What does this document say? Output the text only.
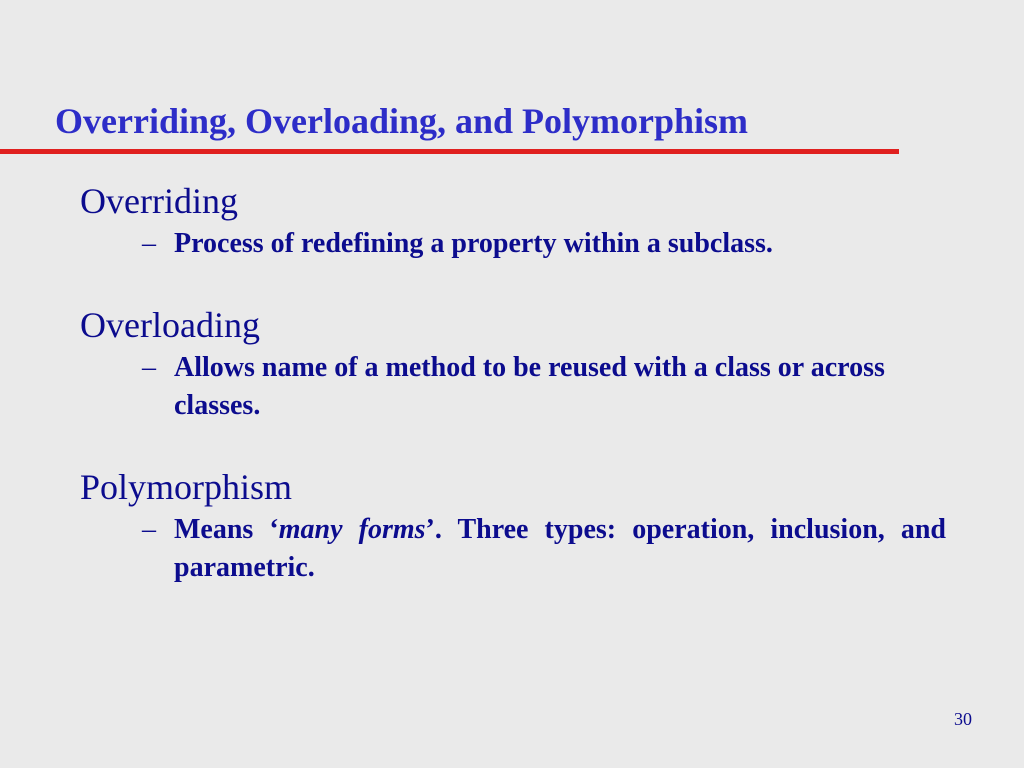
Overriding, Overloading, and Polymorphism
Overriding
– Process of redefining a property within a subclass.
Overloading
– Allows name of a method to be reused with a class or across classes.
Polymorphism
– Means ‘many forms’. Three types: operation, inclusion, and parametric.
30
